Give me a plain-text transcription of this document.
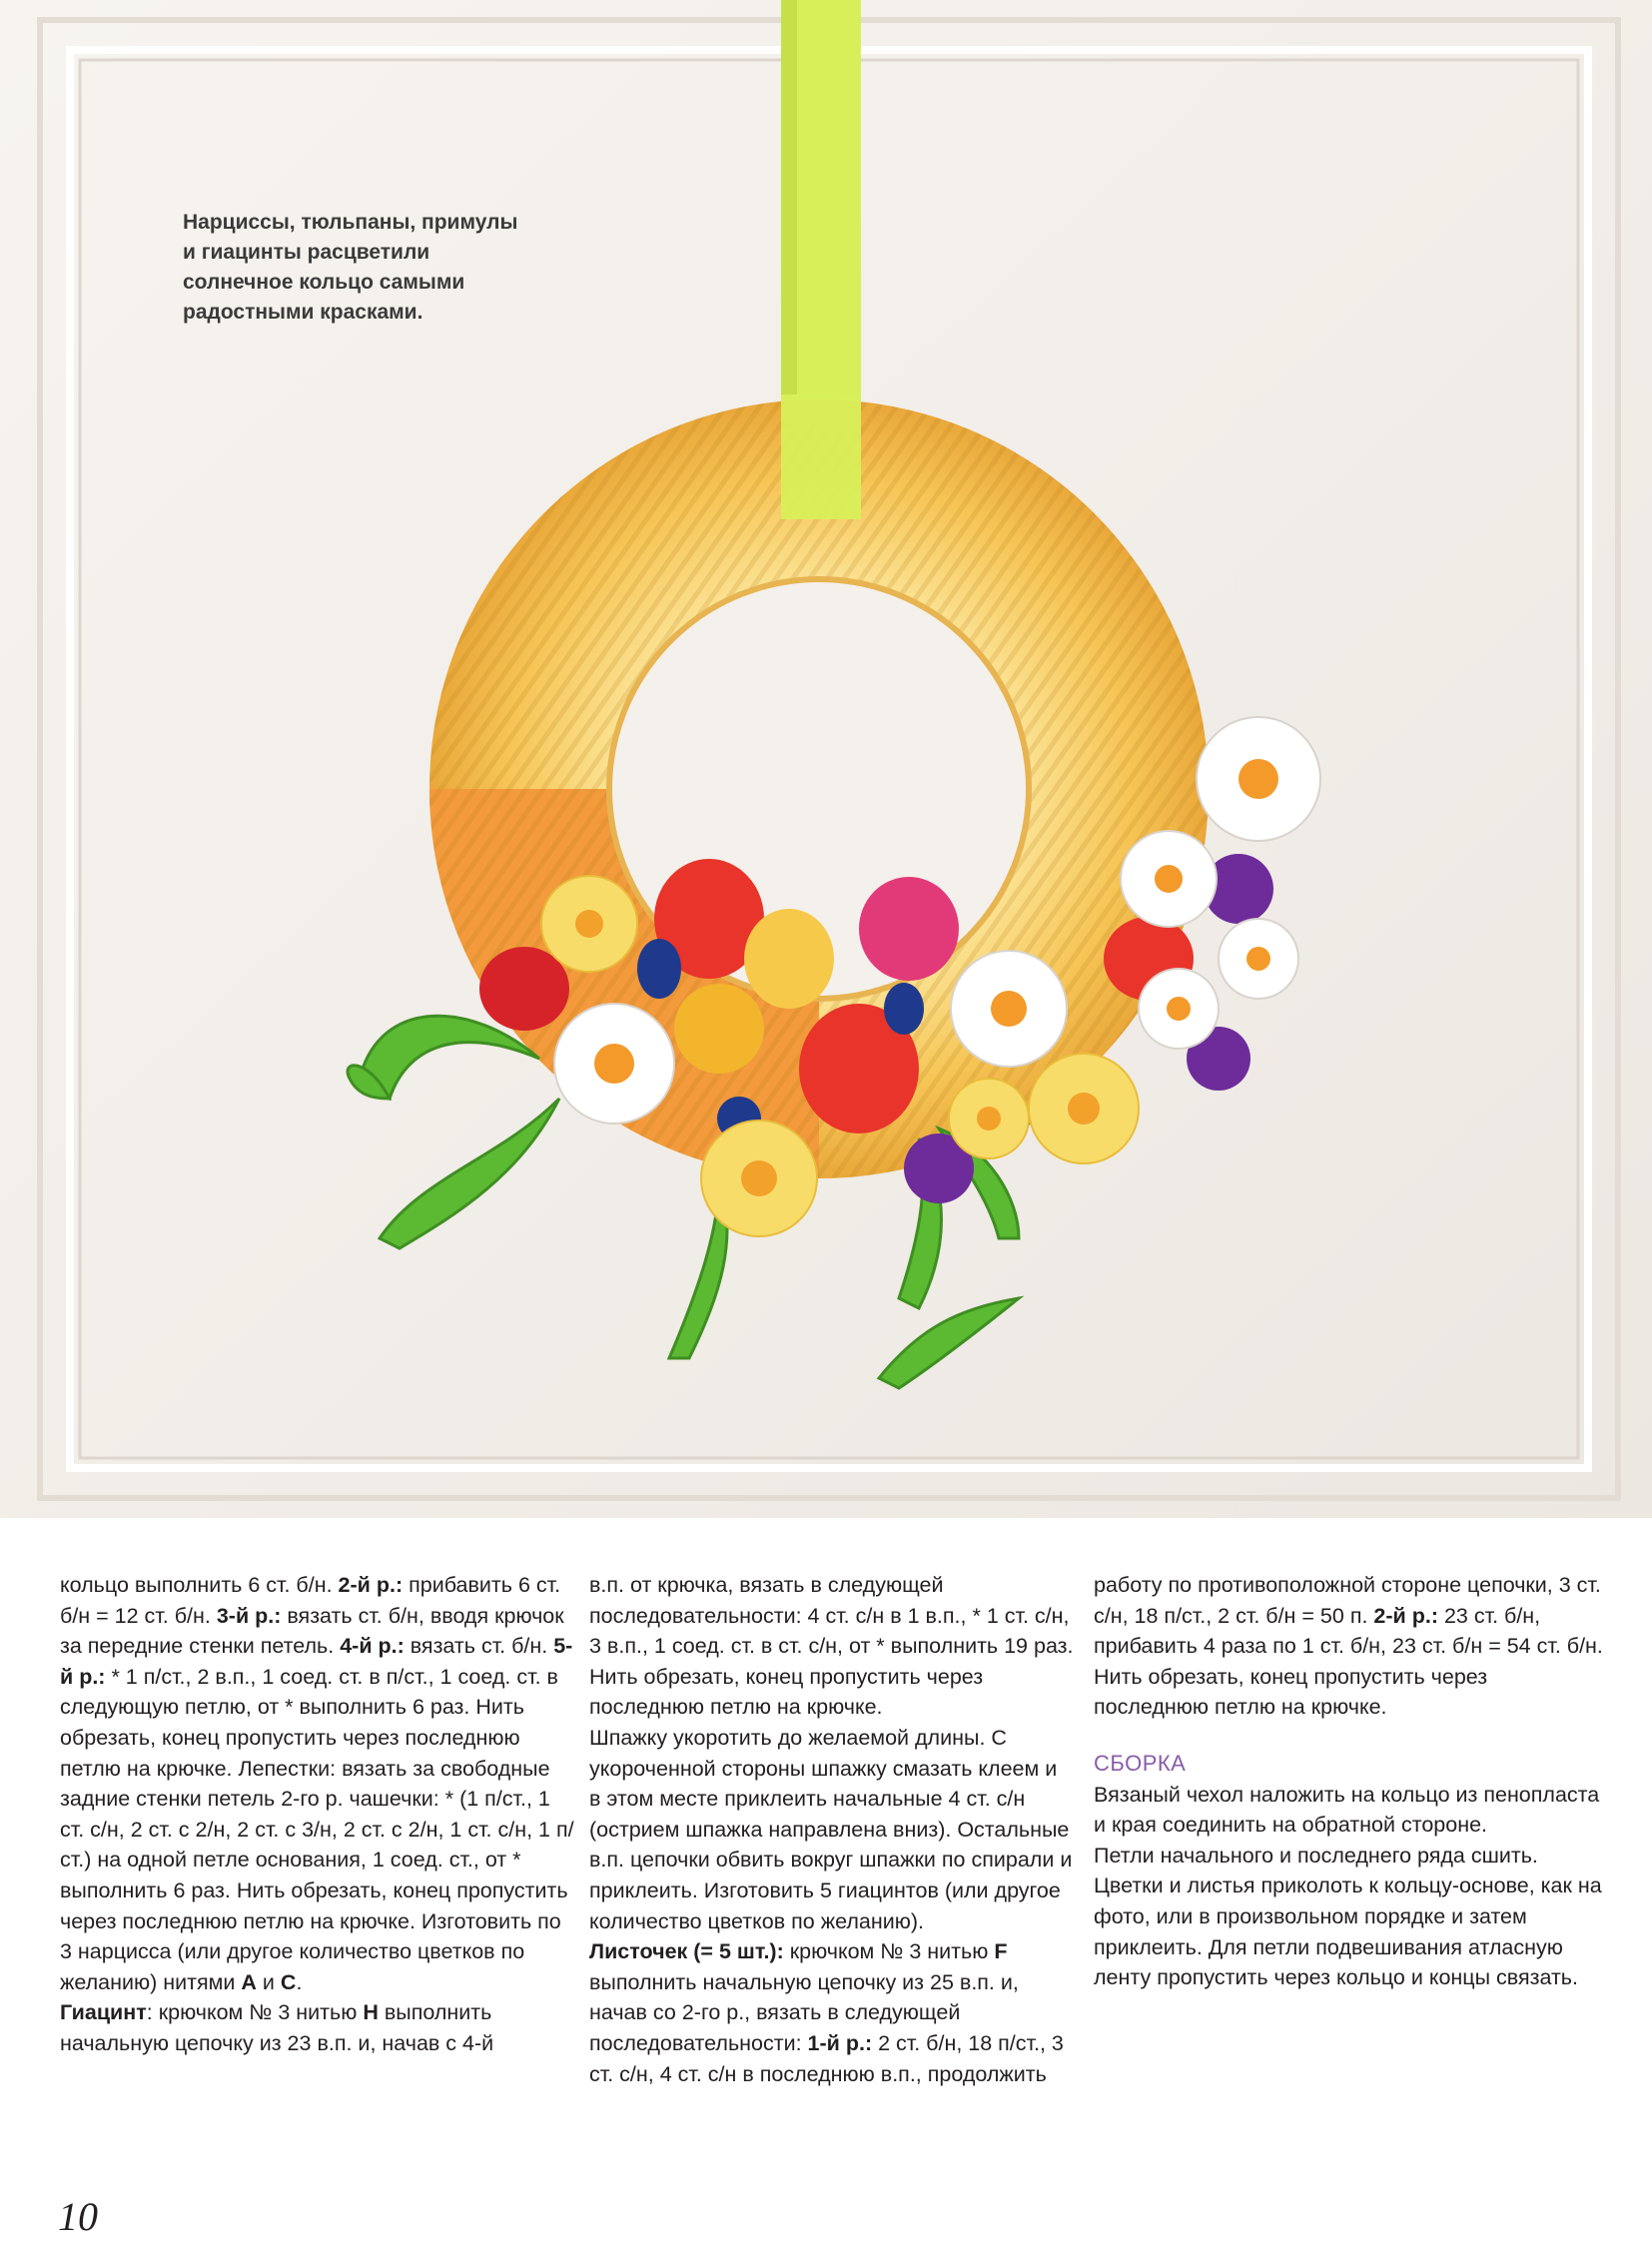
Нарциссы, тюльпаны, примулы
и гиацинты расцветили
солнечное кольцо самыми
радостными красками.

кольцо выполнить 6 ст. б/н. 2-й р.: прибавить 6 ст. б/н = 12 ст. б/н. 3-й р.: вязать ст. б/н, вводя крючок за передние стенки петель. 4-й р.: вязать ст. б/н. 5-й р.: * 1 п/ст., 2 в.п., 1 соед. ст. в п/ст., 1 соед. ст. в следующую петлю, от * выполнить 6 раз. Нить обрезать, конец пропустить через последнюю петлю на крючке. Лепестки: вязать за свободные задние стенки петель 2-го р. чашечки: * (1 п/ст., 1 ст. с/н, 2 ст. с 2/н, 2 ст. с 3/н, 2 ст. с 2/н, 1 ст. с/н, 1 п/ст.) на одной петле основания, 1 соед. ст., от * выполнить 6 раз. Нить обрезать, конец пропустить через последнюю петлю на крючке. Изготовить по 3 нарцисса (или другое количество цветков по желанию) нитями А и С.

Гиацинт: крючком № 3 нитью Н выполнить начальную цепочку из 23 в.п. и, начав с 4-й

в.п. от крючка, вязать в следующей последовательности: 4 ст. с/н в 1 в.п., * 1 ст. с/н, 3 в.п., 1 соед. ст. в ст. с/н, от * выполнить 19 раз. Нить обрезать, конец пропустить через последнюю петлю на крючке.

Шпажку укоротить до желаемой длины. С укороченной стороны шпажку смазать клеем и в этом месте приклеить начальные 4 ст. с/н (острием шпажка направлена вниз). Остальные в.п. цепочки обвить вокруг шпажки по спирали и приклеить. Изготовить 5 гиацинтов (или другое количество цветков по желанию).

Листочек (= 5 шт.): крючком № 3 нитью F выполнить начальную цепочку из 25 в.п. и, начав со 2-го р., вязать в следующей последовательности: 1-й р.: 2 ст. б/н, 18 п/ст., 3 ст. с/н, 4 ст. с/н в последнюю в.п., продолжить

работу по противоположной стороне цепочки, 3 ст. с/н, 18 п/ст., 2 ст. б/н = 50 п. 2-й р.: 23 ст. б/н, прибавить 4 раза по 1 ст. б/н, 23 ст. б/н = 54 ст. б/н. Нить обрезать, конец пропустить через последнюю петлю на крючке.

СБОРКА

Вязаный чехол наложить на кольцо из пенопласта и края соединить на обратной стороне.

Петли начального и последнего ряда сшить. Цветки и листья приколоть к кольцу-основе, как на фото, или в произвольном порядке и затем приклеить. Для петли подвешивания атласную ленту пропустить через кольцо и концы связать.

10
